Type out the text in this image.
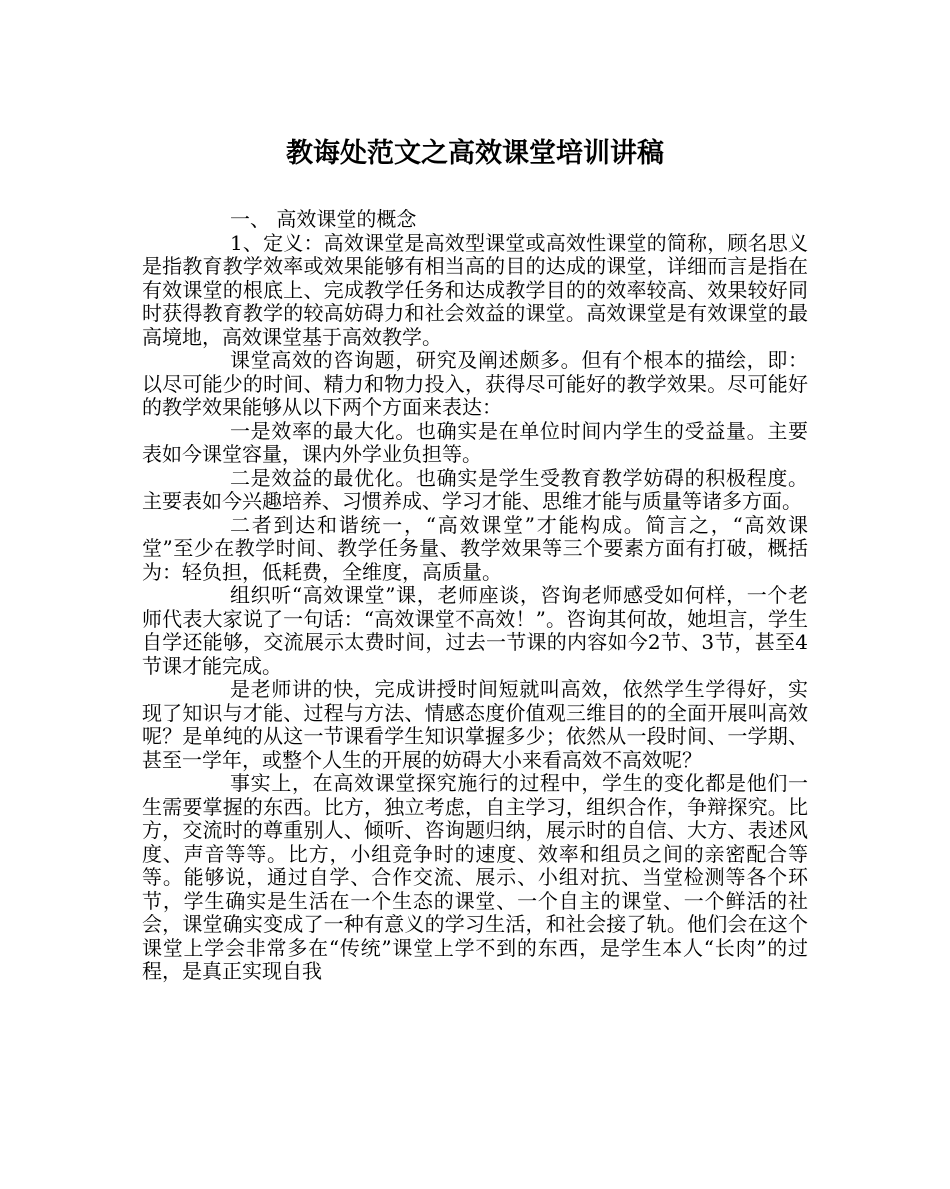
教诲处范文之高效课堂培训讲稿

一、 高效课堂的概念

1、定义：高效课堂是高效型课堂或高效性课堂的简称，顾名思义是指教育教学效率或效果能够有相当高的目的达成的课堂，详细而言是指在有效课堂的根底上、完成教学任务和达成教学目的的效率较高、效果较好同时获得教育教学的较高妨碍力和社会效益的课堂。高效课堂是有效课堂的最高境地，高效课堂基于高效教学。

课堂高效的咨询题，研究及阐述颇多。但有个根本的描绘，即：以尽可能少的时间、精力和物力投入，获得尽可能好的教学效果。尽可能好的教学效果能够从以下两个方面来表达：

一是效率的最大化。也确实是在单位时间内学生的受益量。主要表如今课堂容量，课内外学业负担等。

二是效益的最优化。也确实是学生受教育教学妨碍的积极程度。主要表如今兴趣培养、习惯养成、学习才能、思维才能与质量等诸多方面。

二者到达和谐统一，“高效课堂”才能构成。简言之，“高效课堂”至少在教学时间、教学任务量、教学效果等三个要素方面有打破，概括为：轻负担，低耗费，全维度，高质量。

组织听“高效课堂”课，老师座谈，咨询老师感受如何样，一个老师代表大家说了一句话：“高效课堂不高效！”。咨询其何故，她坦言，学生自学还能够，交流展示太费时间，过去一节课的内容如今2节、3节，甚至4节课才能完成。

是老师讲的快，完成讲授时间短就叫高效，依然学生学得好，实现了知识与才能、过程与方法、情感态度价值观三维目的的全面开展叫高效呢？是单纯的从这一节课看学生知识掌握多少；依然从一段时间、一学期、甚至一学年，或整个人生的开展的妨碍大小来看高效不高效呢？

事实上，在高效课堂探究施行的过程中，学生的变化都是他们一生需要掌握的东西。比方，独立考虑，自主学习，组织合作，争辩探究。比方，交流时的尊重别人、倾听、咨询题归纳，展示时的自信、大方、表述风度、声音等等。比方，小组竞争时的速度、效率和组员之间的亲密配合等等。能够说，通过自学、合作交流、展示、小组对抗、当堂检测等各个环节，学生确实是生活在一个生态的课堂、一个自主的课堂、一个鲜活的社会，课堂确实变成了一种有意义的学习生活，和社会接了轨。他们会在这个课堂上学会非常多在“传统”课堂上学不到的东西，是学生本人“长肉”的过程，是真正实现自我
